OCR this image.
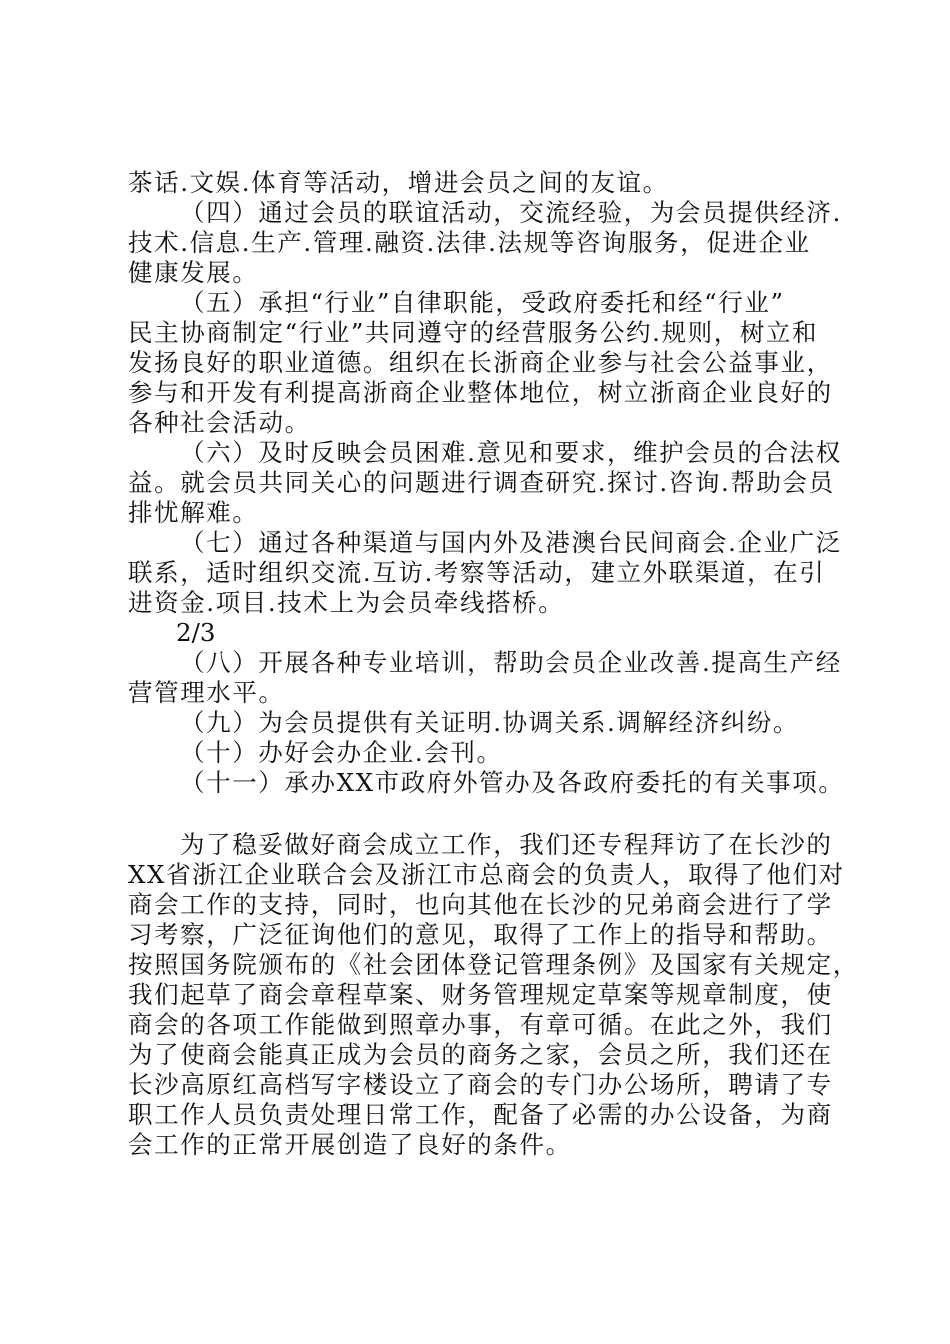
茶话.文娱.体育等活动，增进会员之间的友谊。
（四）通过会员的联谊活动，交流经验，为会员提供经济.
技术.信息.生产.管理.融资.法律.法规等咨询服务，促进企业
健康发展。
（五）承担“行业”自律职能，受政府委托和经“行业”
民主协商制定“行业”共同遵守的经营服务公约.规则，树立和
发扬良好的职业道德。组织在长浙商企业参与社会公益事业，
参与和开发有利提高浙商企业整体地位，树立浙商企业良好的
各种社会活动。
（六）及时反映会员困难.意见和要求，维护会员的合法权
益。就会员共同关心的问题进行调查研究.探讨.咨询.帮助会员
排忧解难。
（七）通过各种渠道与国内外及港澳台民间商会.企业广泛
联系，适时组织交流.互访.考察等活动，建立外联渠道，在引
进资金.项目.技术上为会员牵线搭桥。
2/3
（八）开展各种专业培训，帮助会员企业改善.提高生产经
营管理水平。
（九）为会员提供有关证明.协调关系.调解经济纠纷。
（十）办好会办企业.会刊。
（十一）承办XX市政府外管办及各政府委托的有关事项。
为了稳妥做好商会成立工作，我们还专程拜访了在长沙的
XX省浙江企业联合会及浙江市总商会的负责人，取得了他们对
商会工作的支持，同时，也向其他在长沙的兄弟商会进行了学
习考察，广泛征询他们的意见，取得了工作上的指导和帮助。
按照国务院颁布的《社会团体登记管理条例》及国家有关规定，
我们起草了商会章程草案、财务管理规定草案等规章制度，使
商会的各项工作能做到照章办事，有章可循。在此之外，我们
为了使商会能真正成为会员的商务之家，会员之所，我们还在
长沙高原红高档写字楼设立了商会的专门办公场所，聘请了专
职工作人员负责处理日常工作，配备了必需的办公设备，为商
会工作的正常开展创造了良好的条件。
